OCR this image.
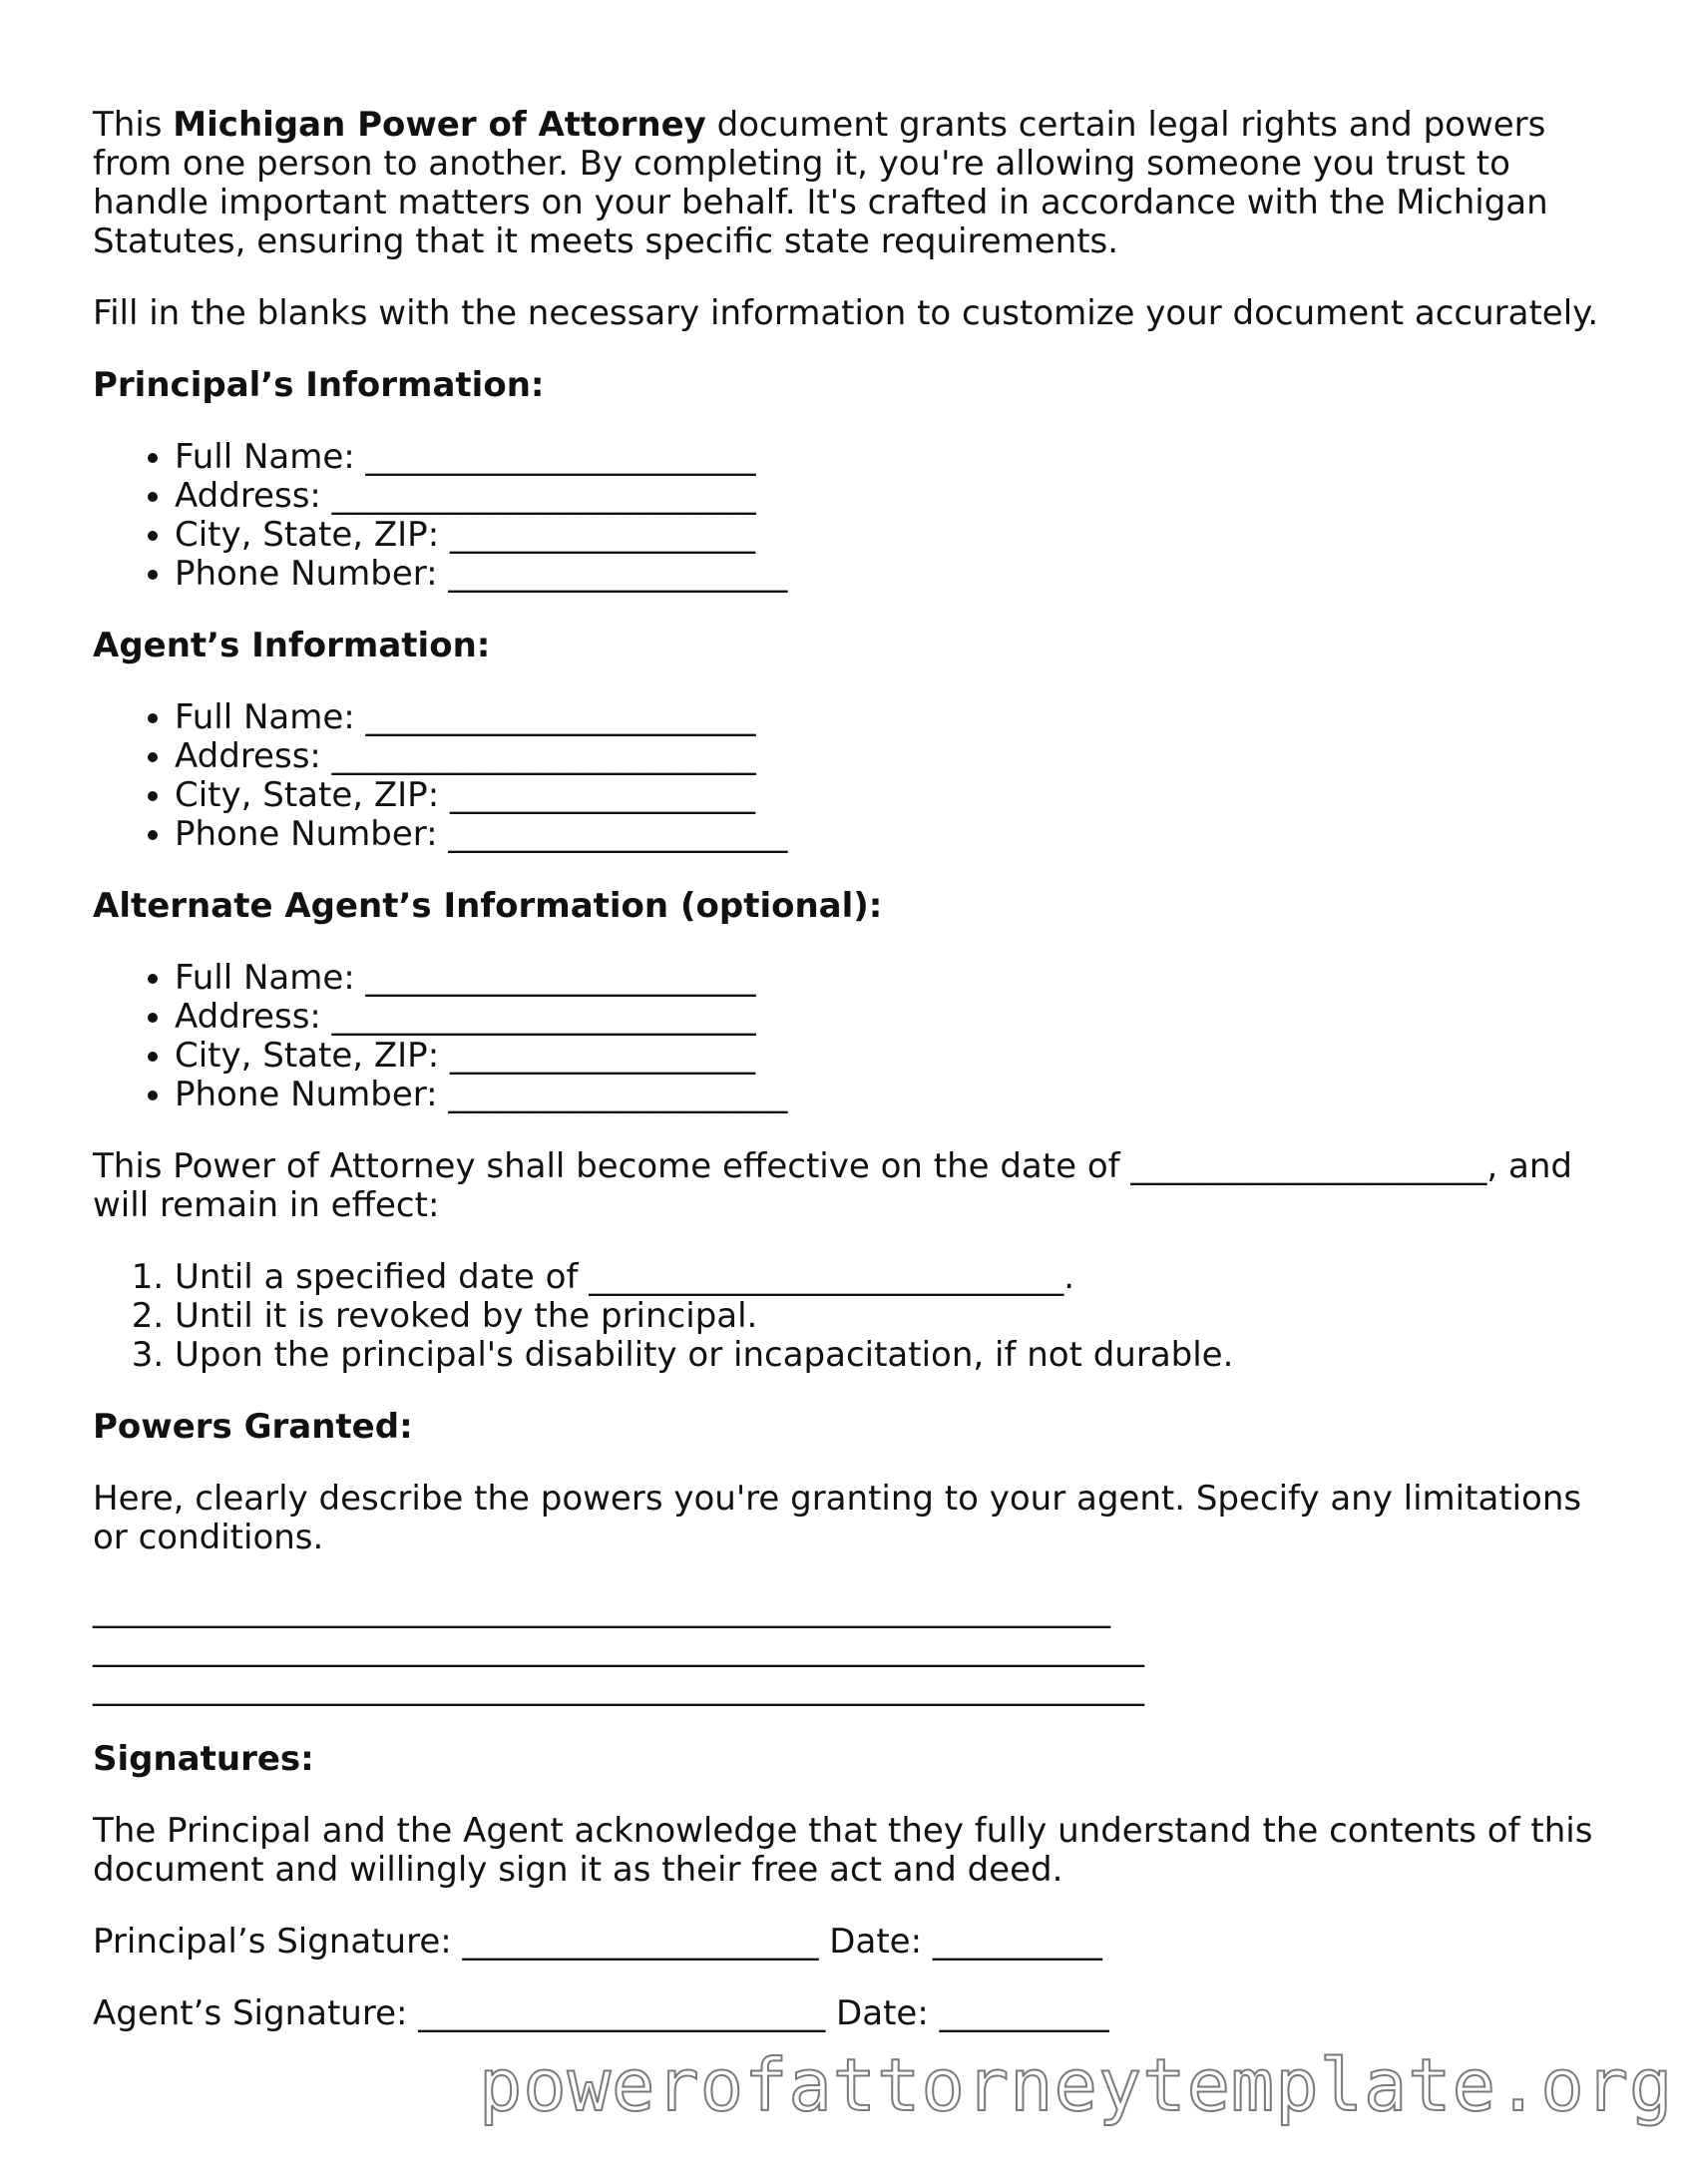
This Michigan Power of Attorney document grants certain legal rights and powers from one person to another. By completing it, you're allowing someone you trust to handle important matters on your behalf. It's crafted in accordance with the Michigan Statutes, ensuring that it meets specific state requirements.

Fill in the blanks with the necessary information to customize your document accurately.

Principal’s Information:
• Full Name: _______________________
• Address: _________________________
• City, State, ZIP: __________________
• Phone Number: ____________________
Agent’s Information:
• Full Name: _______________________
• Address: _________________________
• City, State, ZIP: __________________
• Phone Number: ____________________
Alternate Agent’s Information (optional):
• Full Name: _______________________
• Address: _________________________
• City, State, ZIP: __________________
• Phone Number: ____________________

This Power of Attorney shall become effective on the date of _____________________, and will remain in effect:

1. Until a specified date of ____________________________.
2. Until it is revoked by the principal.
3. Upon the principal's disability or incapacitation, if not durable.
Powers Granted:

Here, clearly describe the powers you're granting to your agent. Specify any limitations or conditions.

____________________________________________________________
______________________________________________________________
______________________________________________________________
Signatures:

The Principal and the Agent acknowledge that they fully understand the contents of this document and willingly sign it as their free act and deed.

Principal’s Signature: _____________________ Date: __________
Agent’s Signature: ________________________ Date: __________
powerofattorneytemplate.org
